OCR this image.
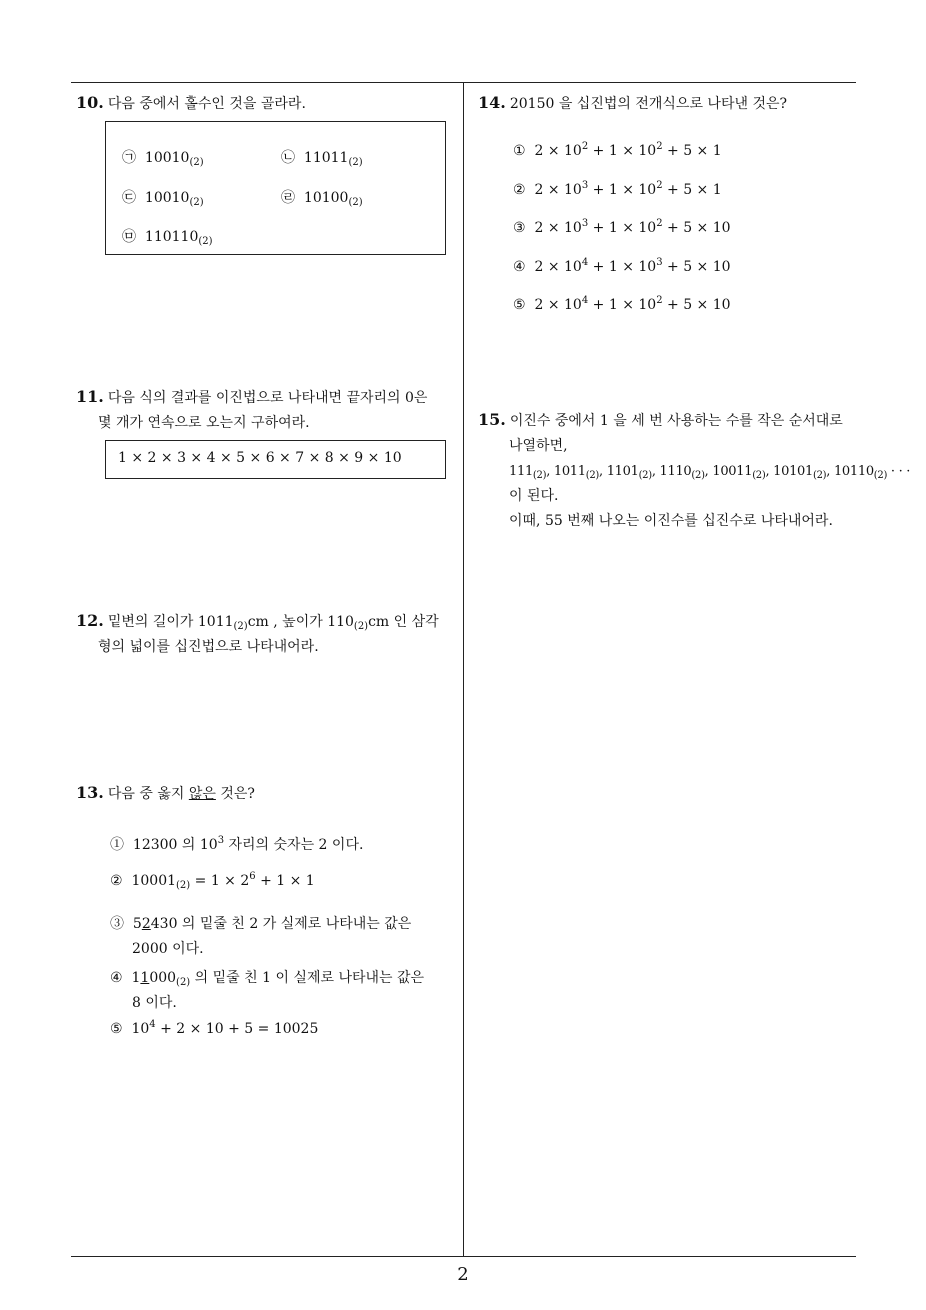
10. 다음 중에서 홀수인 것을 골라라.
㉠ $10010_{(2)}$	㉡ $11011_{(2)}$
㉢ $10010_{(2)}$	㉣ $10100_{(2)}$
㉤ $110110_{(2)}$
11. 다음 식의 결과를 이진법으로 나타내면 끝자리의 0은
몇 개가 연속으로 오는지 구하여라.
1 × 2 × 3 × 4 × 5 × 6 × 7 × 8 × 9 × 10
12. 밑변의 길이가 $1011_{(2)}cm$ , 높이가 $110_{(2)}cm$ 인 삼각
형의 넓이를 십진법으로 나타내어라.
13. 다음 중 옳지 않은 것은?
① 12300 의 $10^3$ 자리의 숫자는 2 이다.
② $10001_{(2)} = 1 \times 2^6 + 1 \times 1$
③ 52430 의 밑줄 친 2 가 실제로 나타내는 값은
2000 이다.
④ $11000_{(2)}$ 의 밑줄 친 1 이 실제로 나타내는 값은
8 이다.
⑤ $10^4 + 2 \times 10 + 5 = 10025$
14. 20150 을 십진법의 전개식으로 나타낸 것은?
① $2 \times 10^2 + 1 \times 10^2 + 5 \times 1$
② $2 \times 10^3 + 1 \times 10^2 + 5 \times 1$
③ $2 \times 10^3 + 1 \times 10^2 + 5 \times 10$
④ $2 \times 10^4 + 1 \times 10^3 + 5 \times 10$
⑤ $2 \times 10^4 + 1 \times 10^2 + 5 \times 10$
15. 이진수 중에서 1 을 세 번 사용하는 수를 작은 순서대로
나열하면,
$111_{(2)}$, $1011_{(2)}$, $1101_{(2)}$, $1110_{(2)}$, $10011_{(2)}$, $10101_{(2)}$, $10110_{(2)}$ · · ·
이 된다.
이때, 55 번째 나오는 이진수를 십진수로 나타내어라.
2
